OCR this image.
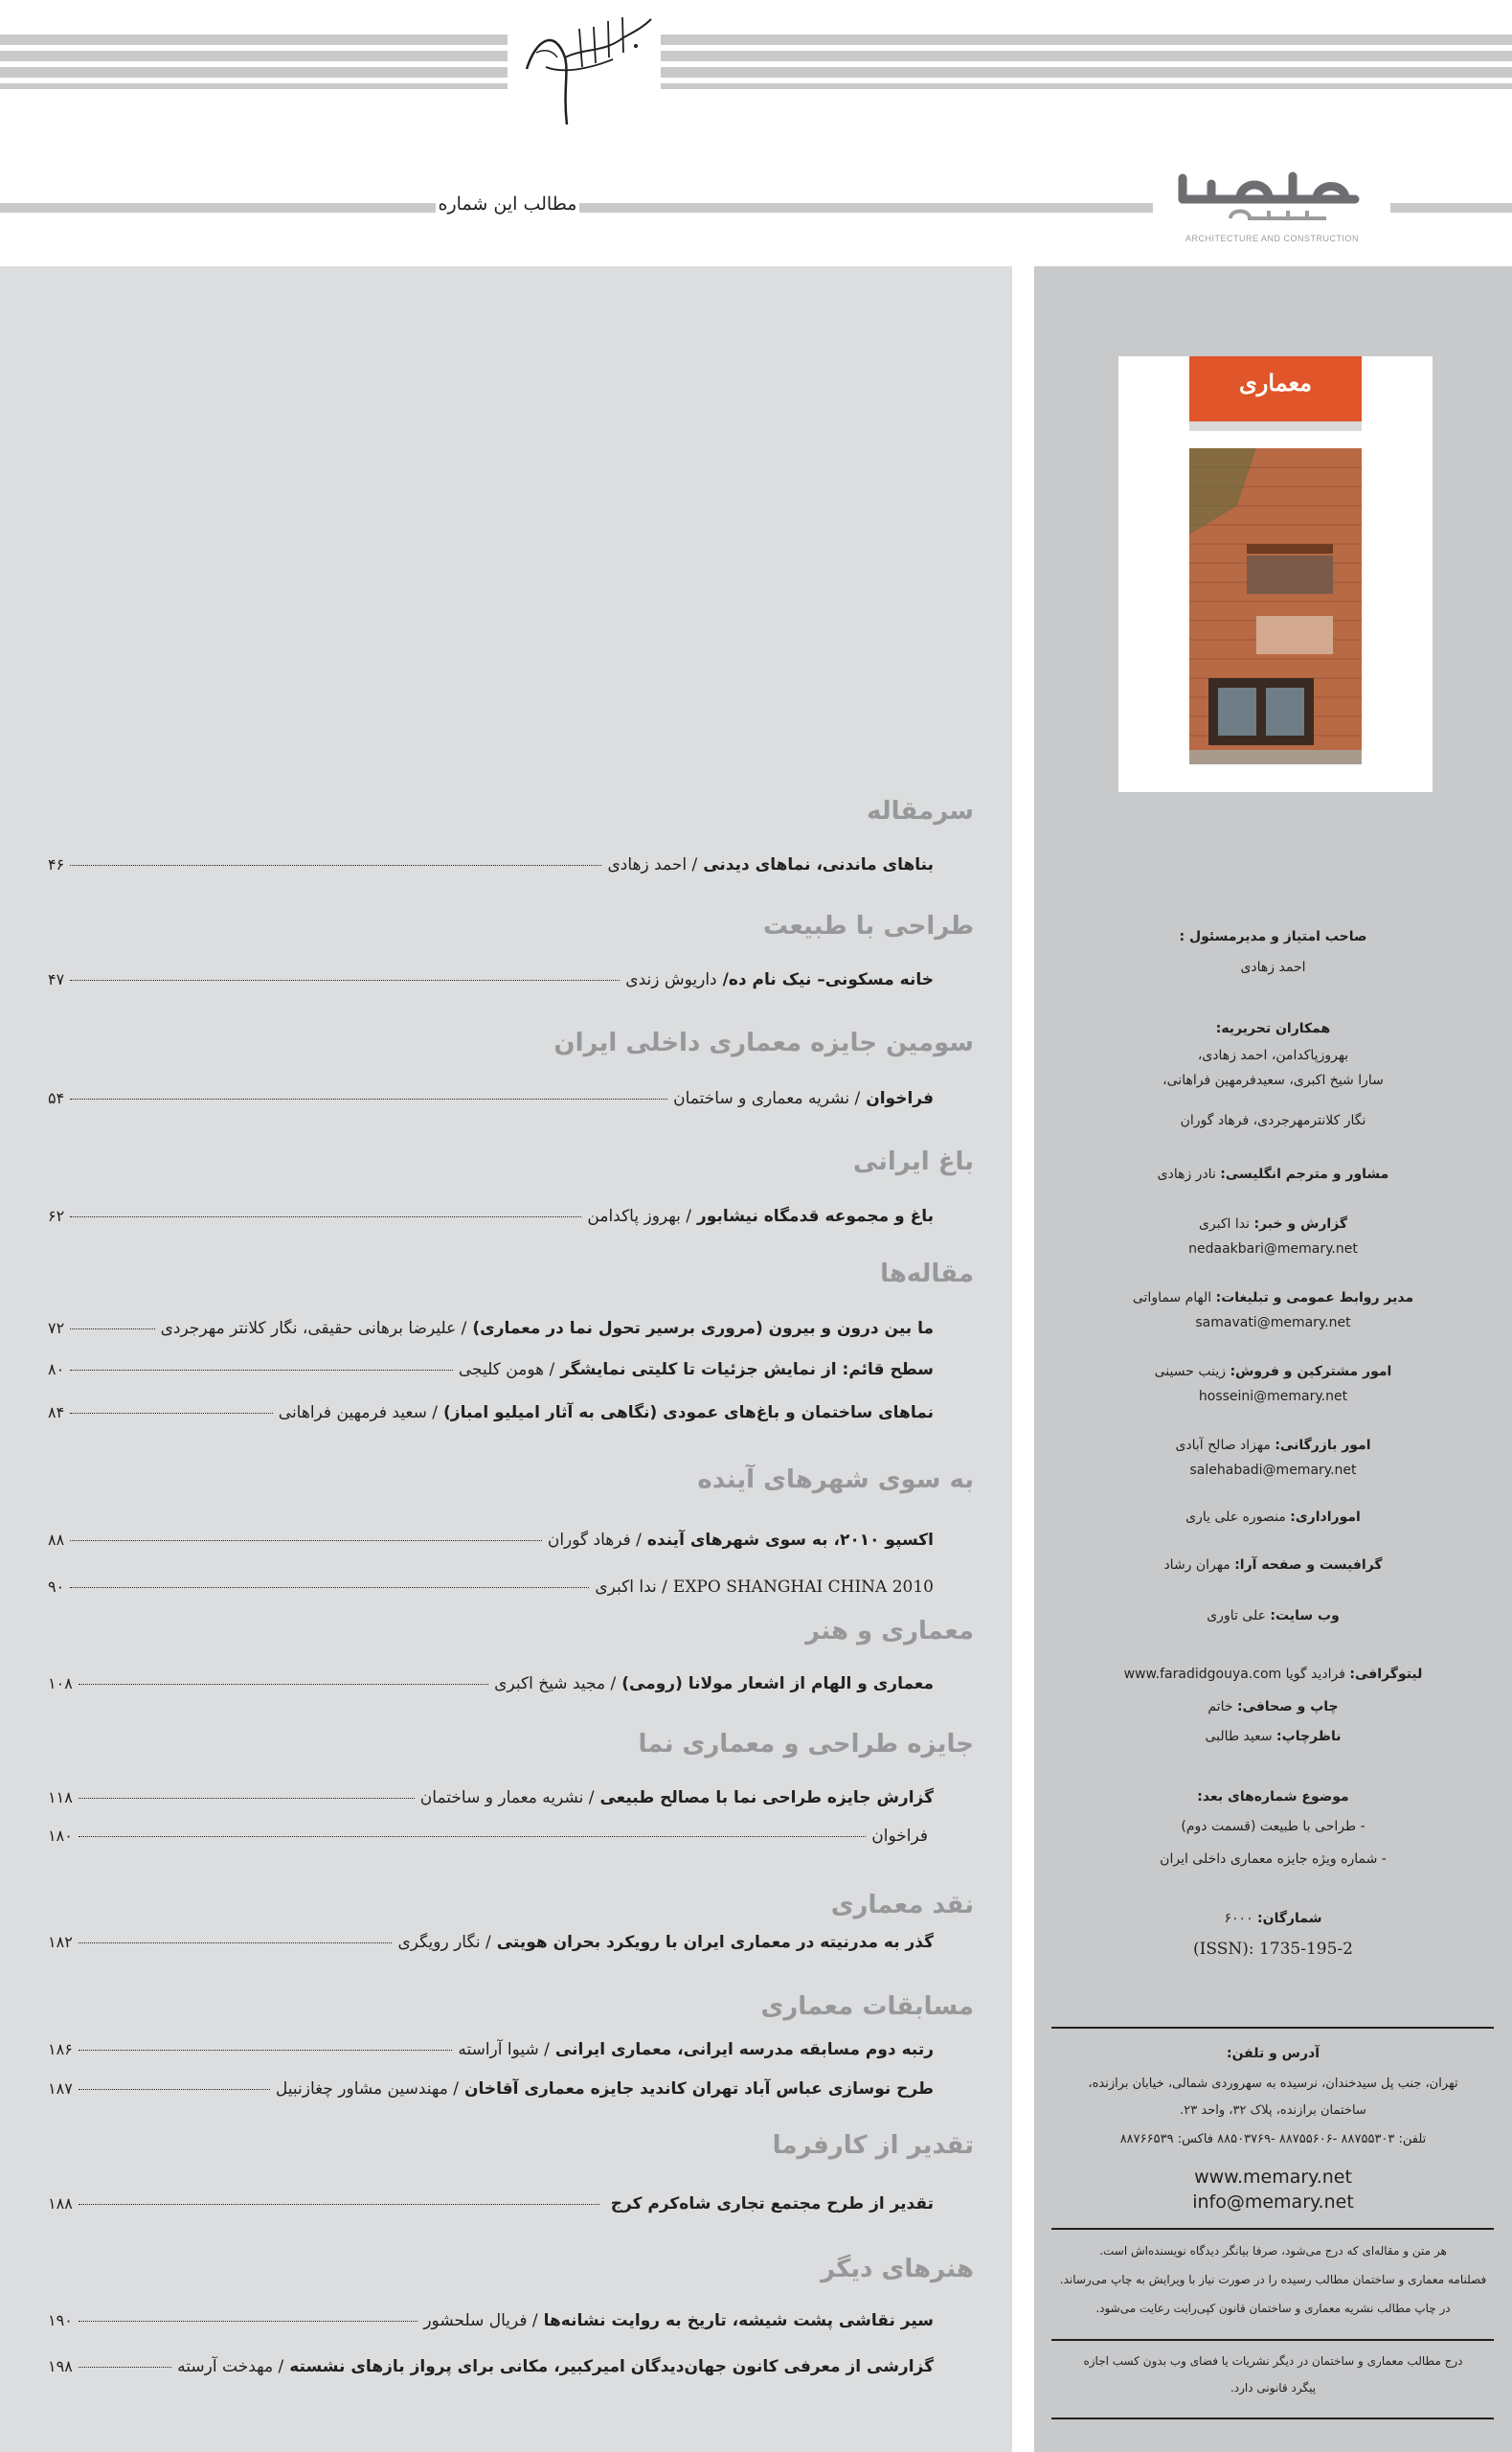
مطالب این شماره
ARCHITECTURE AND CONSTRUCTION
معماری
سرمقاله
بناهای ماندنی، نماهای دیدنی
/ احمد زهادی
۴۶
طراحی با طبیعت
خانه مسکونی– نیک نام ده/
داریوش زندی
۴۷
سومین جایزه معماری داخلی ایران
فراخوان
/ نشریه معماری و ساختمان
۵۴
باغ ایرانی
باغ و مجموعه قدمگاه نیشابور
/ بهروز پاکدامن
۶۲
مقاله‌ها
ما بین درون و بیرون (مروری برسیر تحول نما در معماری)
/ علیرضا برهانی حقیقی، نگار کلانتر مهرجردی
۷۲
سطح قائم: از نمایش جزئیات تا کلیتی نمایشگر
/ هومن کلیجی
۸۰
نماهای ساختمان و باغ‌های عمودی (نگاهی به آثار امیلیو امباز)
/ سعید فرمهین فراهانی
۸۴
به سوی شهرهای آینده
اکسپو ۲۰۱۰، به سوی شهرهای آینده
/ فرهاد گوران
۸۸
EXPO SHANGHAI CHINA 2010
/ ندا اکبری
۹۰
معماری و هنر
معماری و الهام از اشعار مولانا (رومی)
/ مجید شیخ اکبری
۱۰۸
جایزه طراحی و معماری نما
گزارش جایزه طراحی نما با مصالح طبیعی
/ نشریه معمار و ساختمان
۱۱۸
فراخوان
۱۸۰
نقد معماری
گذر به مدرنیته در معماری ایران با رویکرد بحران هویتی
/ نگار رویگری
۱۸۲
مسابقات معماری
رتبه دوم مسابقه مدرسه ایرانی، معماری ایرانی
/ شیوا آراسته
۱۸۶
طرح نوسازی عباس آباد تهران کاندید جایزه معماری آقاخان
/ مهندسین مشاور چغازنبیل
۱۸۷
تقدیر از کارفرما
تقدیر از طرح مجتمع تجاری شاه‌کرم کرج
۱۸۸
هنرهای دیگر
سیر نقاشی پشت شیشه، تاریخ به روایت نشانه‌ها
/ فریال سلحشور
۱۹۰
گزارشی از معرفی کانون جهان‌دیدگان امیرکبیر، مکانی برای پرواز بازهای نشسته
/ مهدخت آرسته
۱۹۸
صاحب امتیاز و مدیرمسئول :
احمد زهادی
همکاران تحریریه:
بهروزپاکدامن، احمد زهادی،
سارا شیخ اکبری، سعیدفرمهین فراهانی،
نگار کلانترمهرجردی، فرهاد گوران
مشاور و مترجم انگلیسی: نادر زهادی
گزارش و خبر: ندا اکبری
nedaakbari@memary.net
مدیر روابط عمومی و تبلیغات: الهام سماواتی
samavati@memary.net
امور مشترکین و فروش: زینب حسینی
hosseini@memary.net
امور بازرگانی: مهزاد صالح آبادی
salehabadi@memary.net
اموراداری: منصوره علی یاری
گرافیست و صفحه آرا: مهران رشاد
وب سایت: علی تاوری
لیتوگرافی: فرادید گویا www.faradidgouya.com
چاپ و صحافی: خاتم
ناظرچاپ: سعید طالبی
موضوع شماره‌های بعد:
- طراحی با طبیعت (قسمت دوم)
- شماره ویژه جایزه معماری داخلی ایران
شمارگان: ۶۰۰۰
(ISSN): 1735-195-2
آدرس و تلفن:
تهران، جنب پل سیدخندان، نرسیده به سهروردی شمالی، خیابان برازنده،
ساختمان برازنده، پلاک ۳۲، واحد ۲۳.
تلفن: ۸۸۷۵۵۳۰۳ -۸۸۷۵۵۶۰۶ -۸۸۵۰۳۷۶۹ فاکس: ۸۸۷۶۶۵۳۹
www.memary.net
info@memary.net
هر متن و مقاله‌ای که درج می‌شود، صرفا بیانگر دیدگاه نویسنده‌اش است.
فصلنامه معماری و ساختمان مطالب رسیده را در صورت نیاز با ویرایش به چاپ می‌رساند.
در چاپ مطالب نشریه معماری و ساختمان قانون کپی‌رایت رعایت می‌شود.
درج مطالب معماری و ساختمان در دیگر نشریات یا فضای وب بدون کسب اجازه
پیگرد قانونی دارد.
